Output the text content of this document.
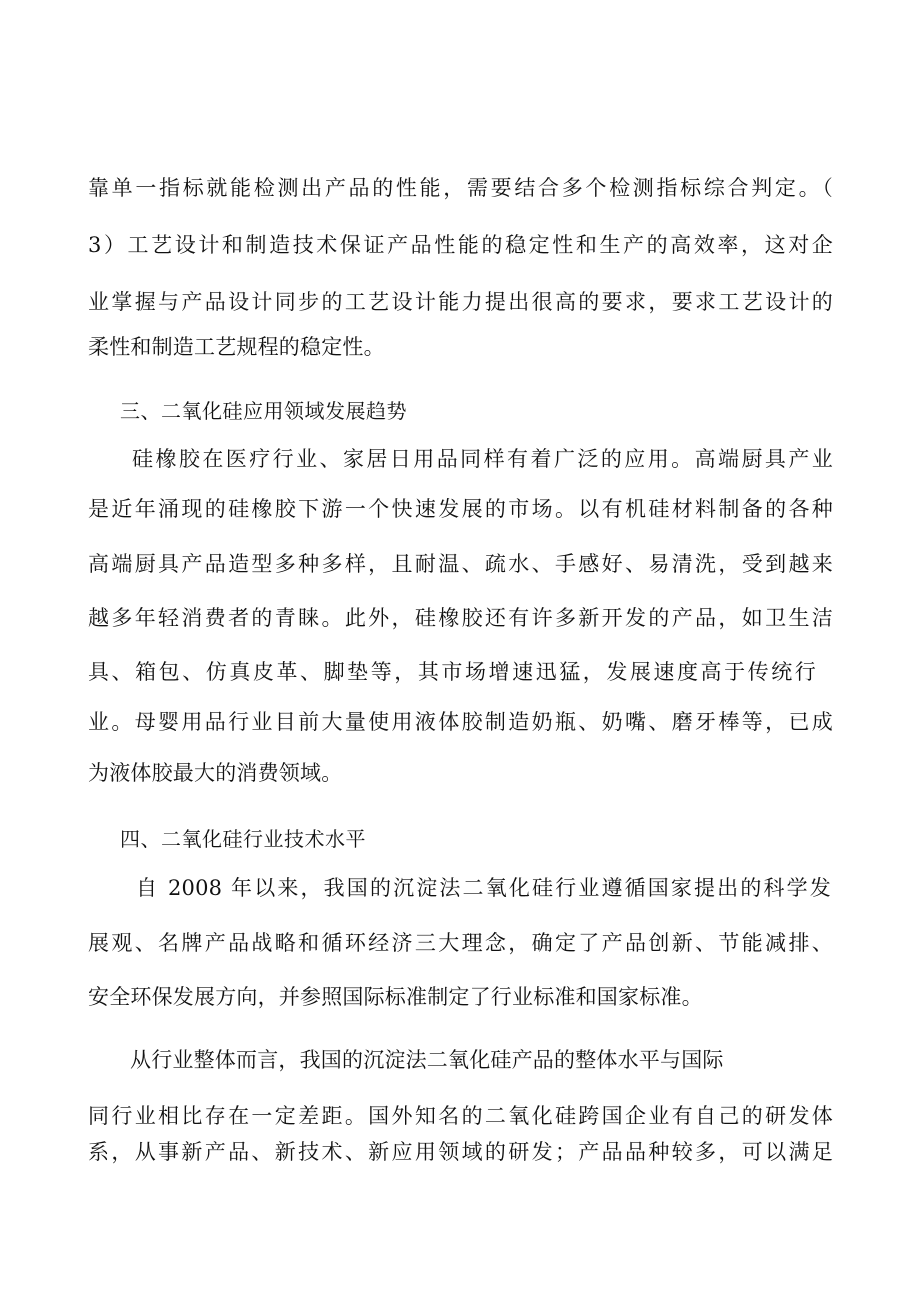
靠单一指标就能检测出产品的性能，需要结合多个检测指标综合判定。（
3）工艺设计和制造技术保证产品性能的稳定性和生产的高效率，这对企
业掌握与产品设计同步的工艺设计能力提出很高的要求，要求工艺设计的
柔性和制造工艺规程的稳定性。
三、二氧化硅应用领域发展趋势
硅橡胶在医疗行业、家居日用品同样有着广泛的应用。高端厨具产业
是近年涌现的硅橡胶下游一个快速发展的市场。以有机硅材料制备的各种
高端厨具产品造型多种多样，且耐温、疏水、手感好、易清洗，受到越来
越多年轻消费者的青睐。此外，硅橡胶还有许多新开发的产品，如卫生洁
具、箱包、仿真皮革、脚垫等，其市场增速迅猛，发展速度高于传统行
业。母婴用品行业目前大量使用液体胶制造奶瓶、奶嘴、磨牙棒等，已成
为液体胶最大的消费领域。
四、二氧化硅行业技术水平
自 2008 年以来，我国的沉淀法二氧化硅行业遵循国家提出的科学发
展观、名牌产品战略和循环经济三大理念，确定了产品创新、节能减排、
安全环保发展方向，并参照国际标准制定了行业标准和国家标准。
从行业整体而言，我国的沉淀法二氧化硅产品的整体水平与国际
同行业相比存在一定差距。国外知名的二氧化硅跨国企业有自己的研发体
系，从事新产品、新技术、新应用领域的研发；产品品种较多，可以满足
